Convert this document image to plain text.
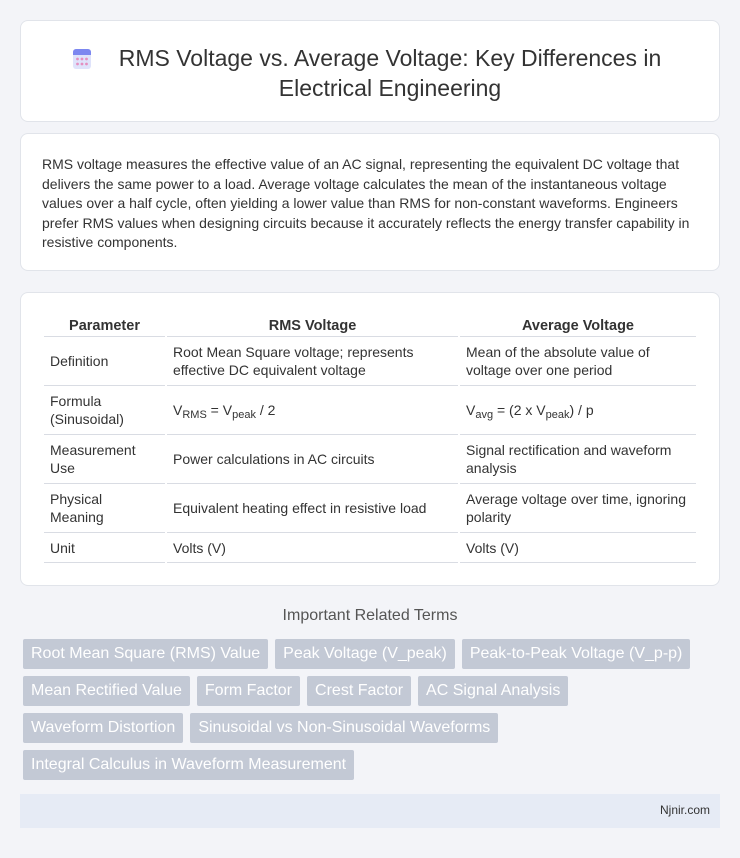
RMS Voltage vs. Average Voltage: Key Differences in Electrical Engineering

RMS voltage measures the effective value of an AC signal, representing the equivalent DC voltage that delivers the same power to a load. Average voltage calculates the mean of the instantaneous voltage values over a half cycle, often yielding a lower value than RMS for non-constant waveforms. Engineers prefer RMS values when designing circuits because it accurately reflects the energy transfer capability in resistive components.

Parameter	RMS Voltage	Average Voltage
Definition	Root Mean Square voltage; represents effective DC equivalent voltage	Mean of the absolute value of voltage over one period
Formula (Sinusoidal)	$V_{RMS} = V_{peak} / 2$	$V_{avg} = (2$ x $V_{peak}$) / p
Measurement Use	Power calculations in AC circuits	Signal rectification and waveform analysis
Physical Meaning	Equivalent heating effect in resistive load	Average voltage over time, ignoring polarity
Unit	Volts (V)	Volts (V)
Important Related Terms
Root Mean Square (RMS) Value	Peak Voltage (V_peak)	Peak-to-Peak Voltage (V_p-p)
Mean Rectified Value	Form Factor	Crest Factor	AC Signal Analysis
Waveform Distortion	Sinusoidal vs Non-Sinusoidal Waveforms
Integral Calculus in Waveform Measurement
Njnir.com
